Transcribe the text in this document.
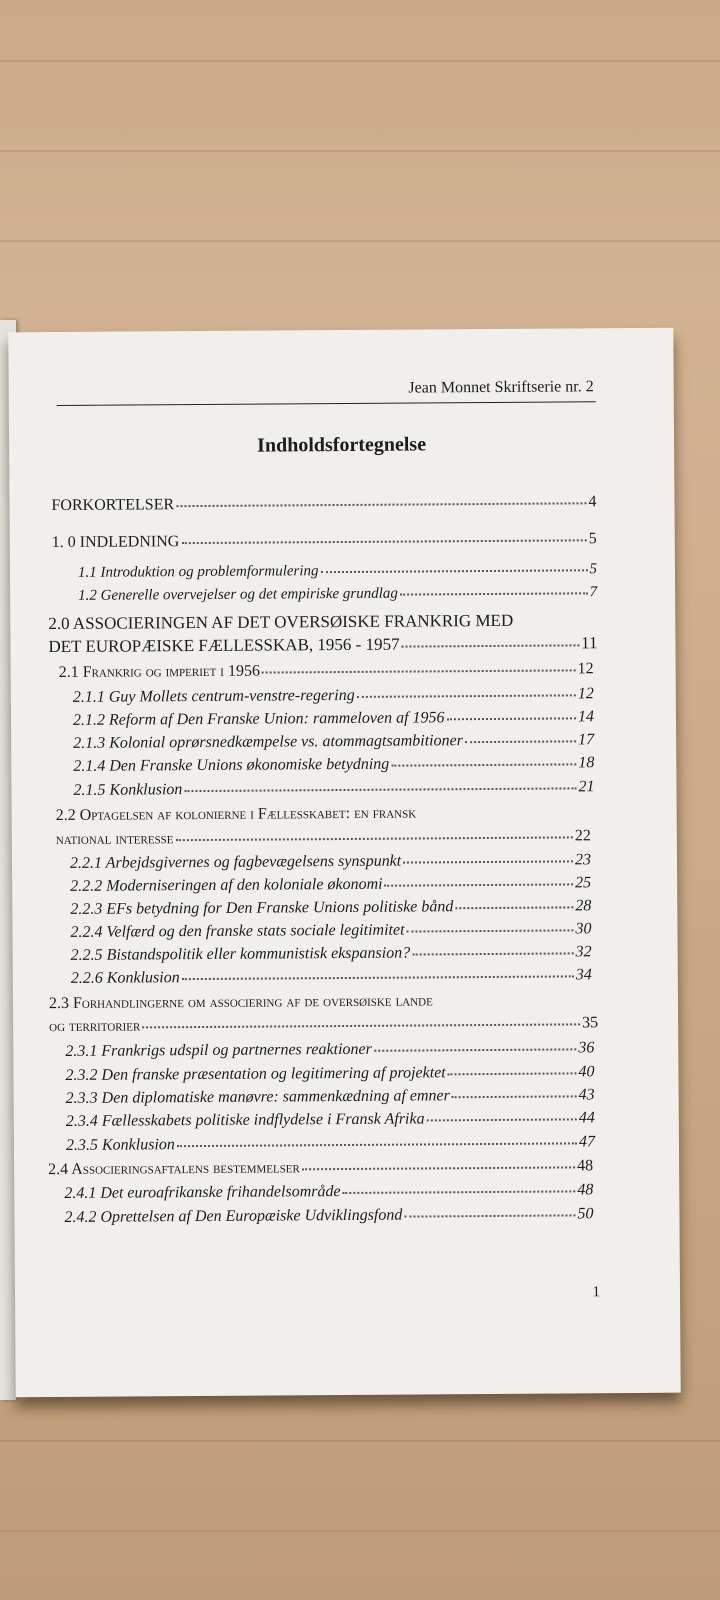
Jean Monnet Skriftserie nr. 2
Indholdsfortegnelse
FORKORTELSER	4
1. 0 INDLEDNING	5
1.1 Introduktion og problemformulering	5
1.2 Generelle overvejelser og det empiriske grundlag	7
2.0 ASSOCIERINGEN AF DET OVERSØISKE FRANKRIG MED
DET EUROPÆISKE FÆLLESSKAB, 1956 - 1957	11
2.1 Frankrig og imperiet i 1956	12
2.1.1 Guy Mollets centrum-venstre-regering	12
2.1.2 Reform af Den Franske Union: rammeloven af 1956	14
2.1.3 Kolonial oprørsnedkæmpelse vs. atommagtsambitioner	17
2.1.4 Den Franske Unions økonomiske betydning	18
2.1.5 Konklusion	21
2.2 Optagelsen af kolonierne i Fællesskabet: en fransk
national interesse	22
2.2.1 Arbejdsgivernes og fagbevægelsens synspunkt	23
2.2.2 Moderniseringen af den koloniale økonomi	25
2.2.3 EFs betydning for Den Franske Unions politiske bånd	28
2.2.4 Velfærd og den franske stats sociale legitimitet	30
2.2.5 Bistandspolitik eller kommunistisk ekspansion?	32
2.2.6 Konklusion	34
2.3 Forhandlingerne om associering af de oversøiske lande
og territorier	35
2.3.1 Frankrigs udspil og partnernes reaktioner	36
2.3.2 Den franske præsentation og legitimering af projektet	40
2.3.3 Den diplomatiske manøvre: sammenkædning af emner	43
2.3.4 Fællesskabets politiske indflydelse i Fransk Afrika	44
2.3.5 Konklusion	47
2.4 Associeringsaftalens bestemmelser	48
2.4.1 Det euroafrikanske frihandelsområde	48
2.4.2 Oprettelsen af Den Europæiske Udviklingsfond	50
1
